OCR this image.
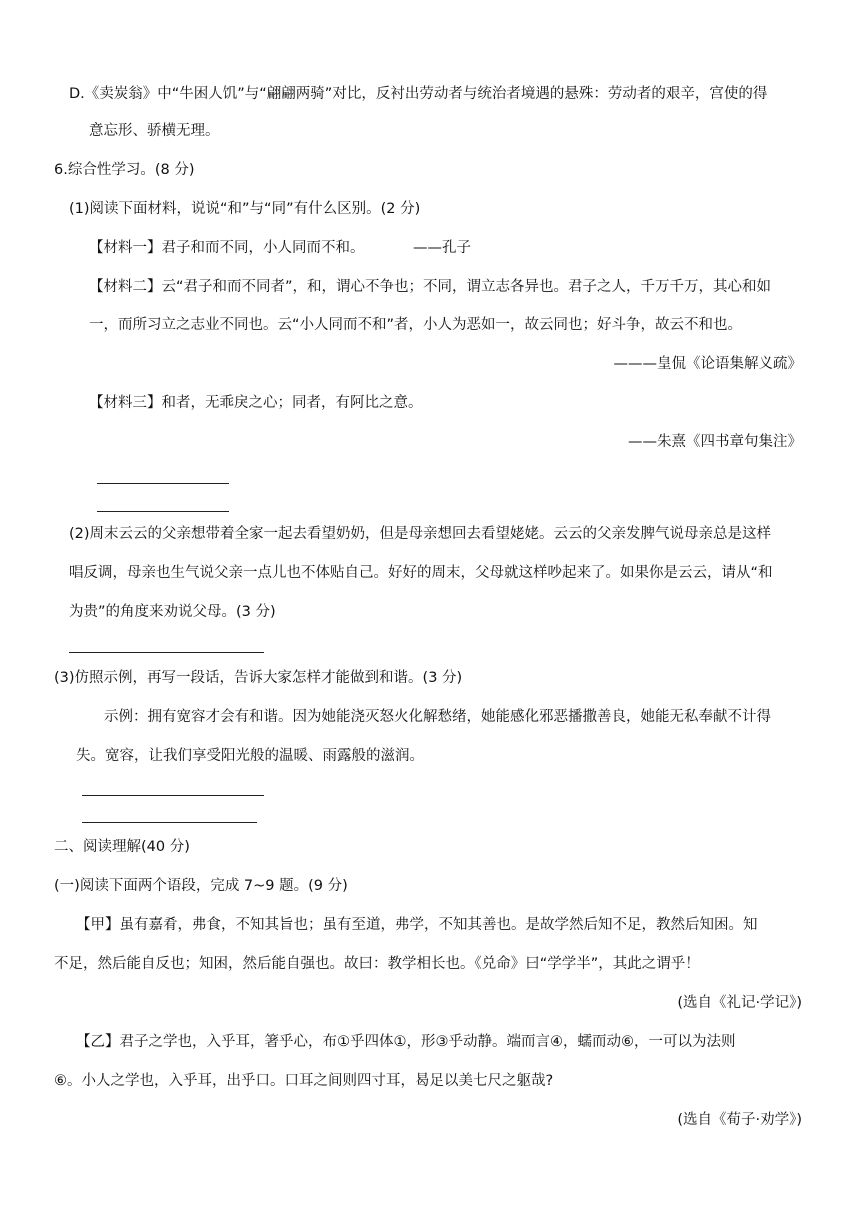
D.《卖炭翁》中“牛困人饥”与“翩翩两骑”对比，反衬出劳动者与统治者境遇的悬殊：劳动者的艰辛，宫使的得
意忘形、骄横无理。
6.综合性学习。(8 分)
(1)阅读下面材料，说说“和”与“同”有什么区别。(2 分)
【材料一】君子和而不同，小人同而不和。	——孔子
【材料二】云“君子和而不同者”，和，谓心不争也；不同，谓立志各异也。君子之人，千万千万，其心和如
一，而所习立之志业不同也。云“小人同而不和”者，小人为恶如一，故云同也；好斗争，故云不和也。
———皇侃《论语集解义疏》
【材料三】和者，无乖戾之心；同者，有阿比之意。
——朱熹《四书章句集注》
(2)周末云云的父亲想带着全家一起去看望奶奶，但是母亲想回去看望姥姥。云云的父亲发脾气说母亲总是这样
唱反调，母亲也生气说父亲一点儿也不体贴自己。好好的周末，父母就这样吵起来了。如果你是云云，请从“和
为贵”的角度来劝说父母。(3 分)
(3)仿照示例，再写一段话，告诉大家怎样才能做到和谐。(3 分)
示例：拥有宽容才会有和谐。因为她能浇灭怒火化解愁绪，她能感化邪恶播撒善良，她能无私奉献不计得
失。宽容，让我们享受阳光般的温暖、雨露般的滋润。
二、阅读理解(40 分)
(一)阅读下面两个语段，完成 7~9 题。(9 分)
【甲】虽有嘉肴，弗食，不知其旨也；虽有至道，弗学，不知其善也。是故学然后知不足，教然后知困。知
不足，然后能自反也；知困，然后能自强也。故曰：教学相长也。《兑命》曰“学学半”，其此之谓乎！
(选自《礼记·学记》)
【乙】君子之学也，入乎耳，箸乎心，布①乎四体①，形③乎动静。端而言④，蠕而动⑥，一可以为法则
⑥。小人之学也，入乎耳，出乎口。口耳之间则四寸耳，曷足以美七尺之躯哉?
(选自《荀子·劝学》)
